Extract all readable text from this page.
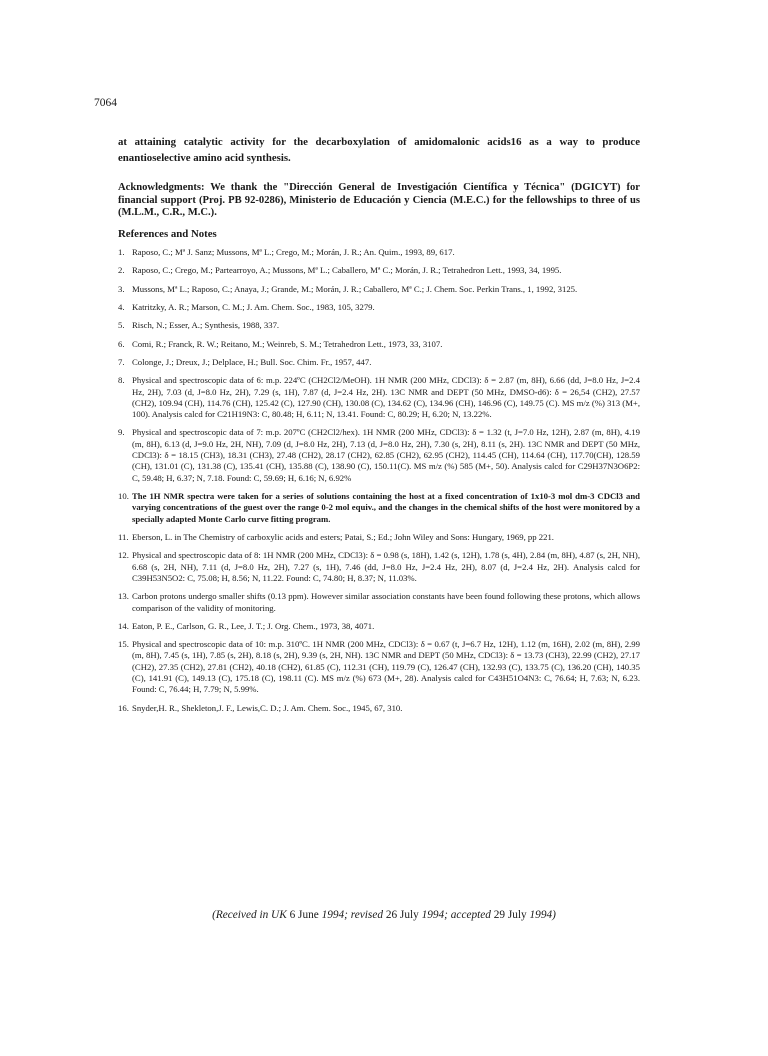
7064
at attaining catalytic activity for the decarboxylation of amidomalonic acids16 as a way to produce enantioselective amino acid synthesis.
Acknowledgments: We thank the "Dirección General de Investigación Científica y Técnica" (DGICYT) for financial support (Proj. PB 92-0286), Ministerio de Educación y Ciencia (M.E.C.) for the fellowships to three of us (M.L.M., C.R., M.C.).
References and Notes
1. Raposo, C.; Mª J. Sanz; Mussons, Mª L.; Crego, M.; Morán, J. R.; An. Quim., 1993, 89, 617.
2. Raposo, C.; Crego, M.; Partearroyo, A.; Mussons, Mª L.; Caballero, Mª C.; Morán, J. R.; Tetrahedron Lett., 1993, 34, 1995.
3. Mussons, Mª L.; Raposo, C.; Anaya, J.; Grande, M.; Morán, J. R.; Caballero, Mª C.; J. Chem. Soc. Perkin Trans., 1, 1992, 3125.
4. Katritzky, A. R.; Marson, C. M.; J. Am. Chem. Soc., 1983, 105, 3279.
5. Risch, N.; Esser, A.; Synthesis, 1988, 337.
6. Comi, R.; Franck, R. W.; Reitano, M.; Weinreb, S. M.; Tetrahedron Lett., 1973, 33, 3107.
7. Colonge, J.; Dreux, J.; Delplace, H.; Bull. Soc. Chim. Fr., 1957, 447.
8. Physical and spectroscopic data of 6: m.p. 224ºC (CH2Cl2/MeOH). 1H NMR (200 MHz, CDCl3): δ = 2.87 (m, 8H), 6.66 (dd, J=8.0 Hz, J=2.4 Hz, 2H), 7.03 (d, J=8.0 Hz, 2H), 7.29 (s, 1H), 7.87 (d, J=2.4 Hz, 2H). 13C NMR and DEPT (50 MHz, DMSO-d6): δ = 26,54 (CH2), 27.57 (CH2), 109.94 (CH), 114.76 (CH), 125.42 (C), 127.90 (CH), 130.08 (C), 134.62 (C), 134.96 (CH), 146.96 (C), 149.75 (C). MS m/z (%) 313 (M+, 100). Analysis calcd for C21H19N3: C, 80.48; H, 6.11; N, 13.41. Found: C, 80.29; H, 6.20; N, 13.22%.
9. Physical and spectroscopic data of 7: m.p. 207ºC (CH2Cl2/hex). 1H NMR (200 MHz, CDCl3): δ = 1.32 (t, J=7.0 Hz, 12H), 2.87 (m, 8H), 4.19 (m, 8H), 6.13 (d, J=9.0 Hz, 2H, NH), 7.09 (d, J=8.0 Hz, 2H), 7.13 (d, J=8.0 Hz, 2H), 7.30 (s, 2H), 8.11 (s, 2H). 13C NMR and DEPT (50 MHz, CDCl3): δ = 18.15 (CH3), 18.31 (CH3), 27.48 (CH2), 28.17 (CH2), 62.85 (CH2), 62.95 (CH2), 114.45 (CH), 114.64 (CH), 117.70(CH), 128.59 (CH), 131.01 (C), 131.38 (C), 135.41 (CH), 135.88 (C), 138.90 (C), 150.11(C). MS m/z (%) 585 (M+, 50). Analysis calcd for C29H37N3O6P2: C, 59.48; H, 6.37; N, 7.18. Found: C, 59.69; H, 6.16; N, 6.92%
10. The 1H NMR spectra were taken for a series of solutions containing the host at a fixed concentration of 1x10-3 mol dm-3 CDCl3 and varying concentrations of the guest over the range 0-2 mol equiv., and the changes in the chemical shifts of the host were monitored by a specially adapted Monte Carlo curve fitting program.
11. Eberson, L. in The Chemistry of carboxylic acids and esters; Patai, S.; Ed.; John Wiley and Sons: Hungary, 1969, pp 221.
12. Physical and spectroscopic data of 8: 1H NMR (200 MHz, CDCl3): δ = 0.98 (s, 18H), 1.42 (s, 12H), 1.78 (s, 4H), 2.84 (m, 8H), 4.87 (s, 2H, NH), 6.68 (s, 2H, NH), 7.11 (d, J=8.0 Hz, 2H), 7.27 (s, 1H), 7.46 (dd, J=8.0 Hz, J=2.4 Hz, 2H), 8.07 (d, J=2.4 Hz, 2H). Analysis calcd for C39H53N5O2: C, 75.08; H, 8.56; N, 11.22. Found: C, 74.80; H, 8.37; N, 11.03%.
13. Carbon protons undergo smaller shifts (0.13 ppm). However similar association constants have been found following these protons, which allows comparison of the validity of monitoring.
14. Eaton, P. E., Carlson, G. R., Lee, J. T.; J. Org. Chem., 1973, 38, 4071.
15. Physical and spectroscopic data of 10: m.p. 310ºC. 1H NMR (200 MHz, CDCl3): δ = 0.67 (t, J=6.7 Hz, 12H), 1.12 (m, 16H), 2.02 (m, 8H), 2.99 (m, 8H), 7.45 (s, 1H), 7.85 (s, 2H), 8.18 (s, 2H), 9.39 (s, 2H, NH). 13C NMR and DEPT (50 MHz, CDCl3): δ = 13.73 (CH3), 22.99 (CH2), 27.17 (CH2), 27.35 (CH2), 27.81 (CH2), 40.18 (CH2), 61.85 (C), 112.31 (CH), 119.79 (C), 126.47 (CH), 132.93 (C), 133.75 (C), 136.20 (CH), 140.35 (C), 141.91 (C), 149.13 (C), 175.18 (C), 198.11 (C). MS m/z (%) 673 (M+, 28). Analysis calcd for C43H51O4N3: C, 76.64; H, 7.63; N, 6.23. Found: C, 76.44; H, 7.79; N, 5.99%.
16. Snyder,H. R., Shekleton,J. F., Lewis,C. D.; J. Am. Chem. Soc., 1945, 67, 310.
(Received in UK 6 June 1994; revised 26 July 1994; accepted 29 July 1994)
